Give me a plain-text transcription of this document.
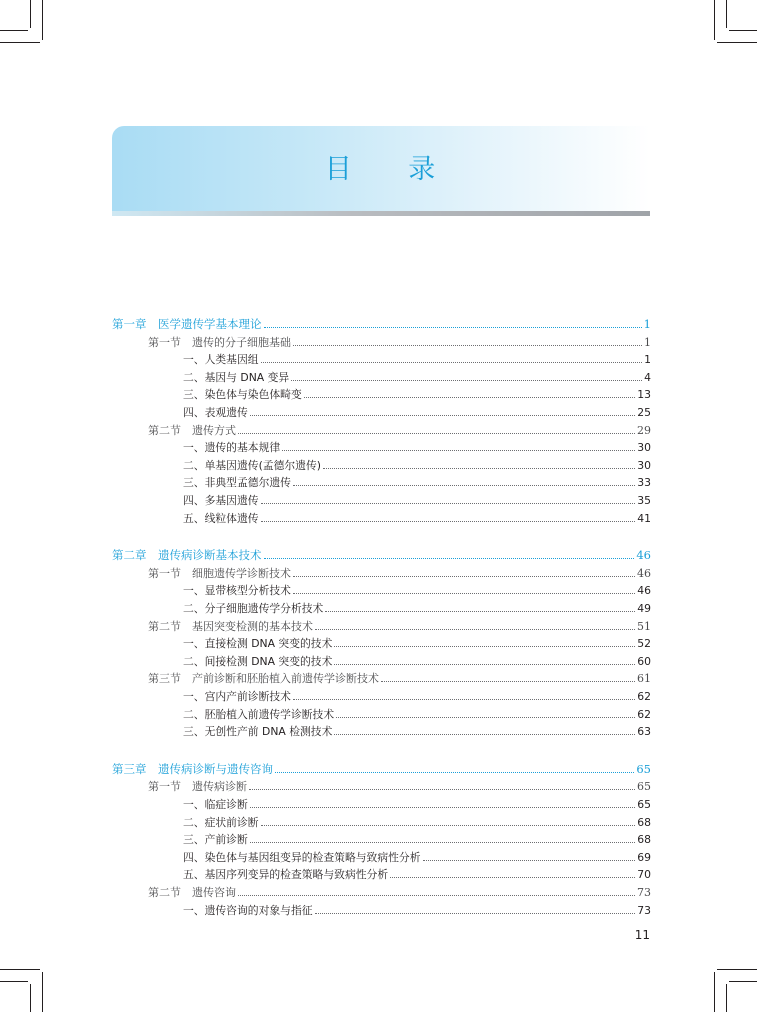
目 录
第一章　医学遗传学基本理论	1
第一节　遗传的分子细胞基础	1
一、人类基因组	1
二、基因与 DNA 变异	4
三、染色体与染色体畸变	13
四、表观遗传	25
第二节　遗传方式	29
一、遗传的基本规律	30
二、单基因遗传(孟德尔遗传)	30
三、非典型孟德尔遗传	33
四、多基因遗传	35
五、线粒体遗传	41
第二章　遗传病诊断基本技术	46
第一节　细胞遗传学诊断技术	46
一、显带核型分析技术	46
二、分子细胞遗传学分析技术	49
第二节　基因突变检测的基本技术	51
一、直接检测 DNA 突变的技术	52
二、间接检测 DNA 突变的技术	60
第三节　产前诊断和胚胎植入前遗传学诊断技术	61
一、宫内产前诊断技术	62
二、胚胎植入前遗传学诊断技术	62
三、无创性产前 DNA 检测技术	63
第三章　遗传病诊断与遗传咨询	65
第一节　遗传病诊断	65
一、临症诊断	65
二、症状前诊断	68
三、产前诊断	68
四、染色体与基因组变异的检查策略与致病性分析	69
五、基因序列变异的检查策略与致病性分析	70
第二节　遗传咨询	73
一、遗传咨询的对象与指征	73
11
